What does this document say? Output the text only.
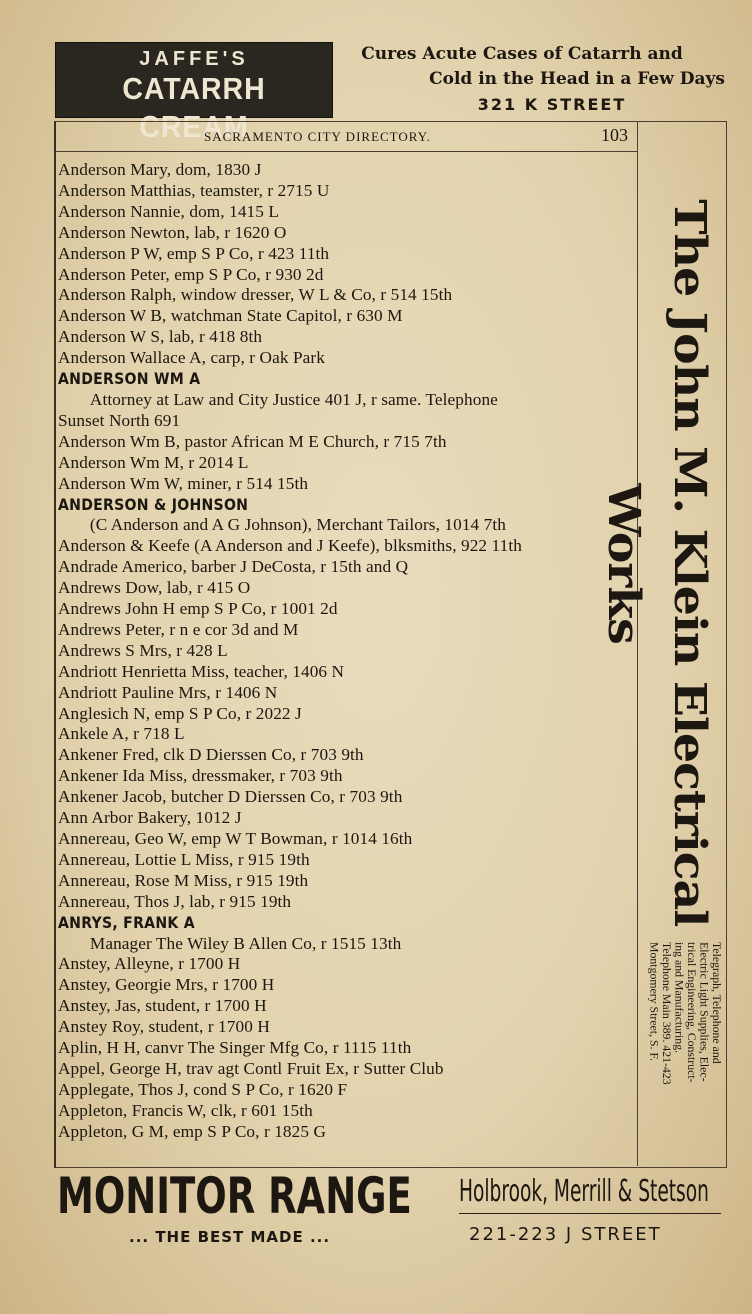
JAFFE'S
CATARRH CREAM
Cures Acute Cases of Catarrh and
Cold in the Head in a Few Days
321 K STREET
SACRAMENTO CITY DIRECTORY.	103
Anderson Mary, dom, 1830 J
Anderson Matthias, teamster, r 2715 U
Anderson Nannie, dom, 1415 L
Anderson Newton, lab, r 1620 O
Anderson P W, emp S P Co, r 423 11th
Anderson Peter, emp S P Co, r 930 2d
Anderson Ralph, window dresser, W L & Co, r 514 15th
Anderson W B, watchman State Capitol, r 630 M
Anderson W S, lab, r 418 8th
Anderson Wallace A, carp, r Oak Park
ANDERSON WM A
Attorney at Law and City Justice 401 J, r same. Telephone
Sunset North 691
Anderson Wm B, pastor African M E Church, r 715 7th
Anderson Wm M, r 2014 L
Anderson Wm W, miner, r 514 15th
ANDERSON & JOHNSON
(C Anderson and A G Johnson), Merchant Tailors, 1014 7th
Anderson & Keefe (A Anderson and J Keefe), blksmiths, 922 11th
Andrade Americo, barber J DeCosta, r 15th and Q
Andrews Dow, lab, r 415 O
Andrews John H emp S P Co, r 1001 2d
Andrews Peter, r n e cor 3d and M
Andrews S Mrs, r 428 L
Andriott Henrietta Miss, teacher, 1406 N
Andriott Pauline Mrs, r 1406 N
Anglesich N, emp S P Co, r 2022 J
Ankele A, r 718 L
Ankener Fred, clk D Dierssen Co, r 703 9th
Ankener Ida Miss, dressmaker, r 703 9th
Ankener Jacob, butcher D Dierssen Co, r 703 9th
Ann Arbor Bakery, 1012 J
Annereau, Geo W, emp W T Bowman, r 1014 16th
Annereau, Lottie L Miss, r 915 19th
Annereau, Rose M Miss, r 915 19th
Annereau, Thos J, lab, r 915 19th
ANRYS, FRANK A
Manager The Wiley B Allen Co, r 1515 13th
Anstey, Alleyne, r 1700 H
Anstey, Georgie Mrs, r 1700 H
Anstey, Jas, student, r 1700 H
Anstey Roy, student, r 1700 H
Aplin, H H, canvr The Singer Mfg Co, r 1115 11th
Appel, George H, trav agt Contl Fruit Ex, r Sutter Club
Applegate, Thos J, cond S P Co, r 1620 F
Appleton, Francis W, clk, r 601 15th
Appleton, G M, emp S P Co, r 1825 G
The John M. Klein Electrical Works
Telegraph, Telephone and
Electric Light Supplies, Elec-
trical Engineering, Construct-
ing and Manufacturing.
Telephone Main 389. 421-423
Montgomery Street, S. F.
MONITOR RANGE
... THE BEST MADE ...
Holbrook, Merrill & Stetson
221-223 J STREET
